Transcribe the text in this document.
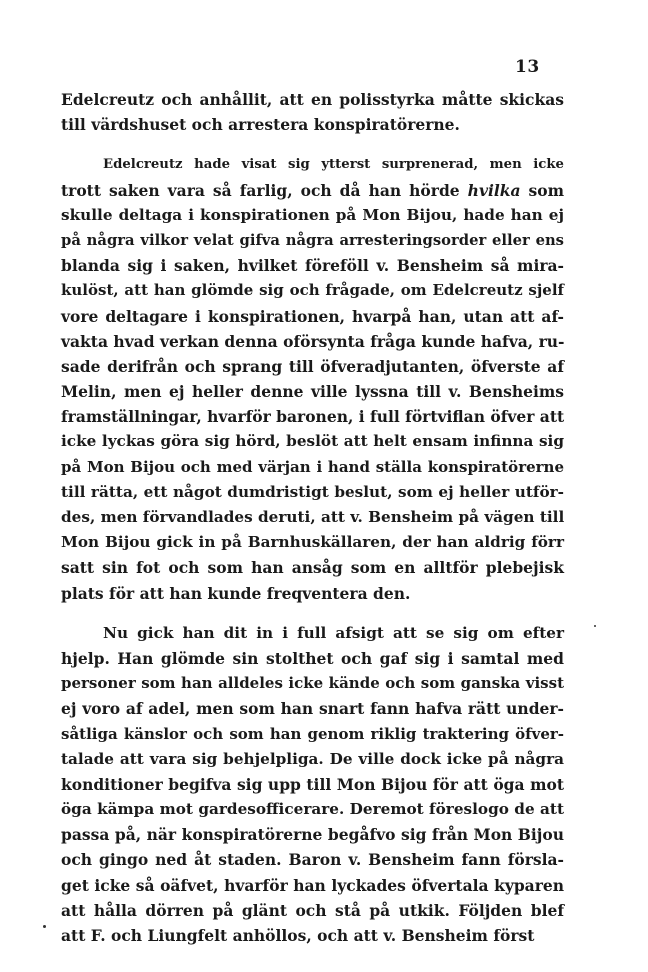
13
Edelcreutz och anhållit, att en polisstyrka måtte skickas
till värdshuset och arrestera konspiratörerne.
Edelcreutz hade visat sig ytterst surprenerad, men icke
trott saken vara så farlig, och då han hörde hvilka som
skulle deltaga i konspirationen på Mon Bijou, hade han ej
på några vilkor velat gifva några arresteringsorder eller ens
blanda sig i saken, hvilket föreföll v. Bensheim så mira-
kulöst, att han glömde sig och frågade, om Edelcreutz sjelf
vore deltagare i konspirationen, hvarpå han, utan att af-
vakta hvad verkan denna oförsynta fråga kunde hafva, ru-
sade derifrån och sprang till öfveradjutanten, öfverste af
Melin, men ej heller denne ville lyssna till v. Bensheims
framställningar, hvarför baronen, i full förtviflan öfver att
icke lyckas göra sig hörd, beslöt att helt ensam infinna sig
på Mon Bijou och med värjan i hand ställa konspiratörerne
till rätta, ett något dumdristigt beslut, som ej heller utför-
des, men förvandlades deruti, att v. Bensheim på vägen till
Mon Bijou gick in på Barnhuskällaren, der han aldrig förr
satt sin fot och som han ansåg som en alltför plebejisk
plats för att han kunde freqventera den.
Nu gick han dit in i full afsigt att se sig om efter
hjelp. Han glömde sin stolthet och gaf sig i samtal med
personer som han alldeles icke kände och som ganska visst
ej voro af adel, men som han snart fann hafva rätt under-
såtliga känslor och som han genom riklig traktering öfver-
talade att vara sig behjelpliga. De ville dock icke på några
konditioner begifva sig upp till Mon Bijou för att öga mot
öga kämpa mot gardesofficerare. Deremot föreslogo de att
passa på, när konspiratörerne begåfvo sig från Mon Bijou
och gingo ned åt staden. Baron v. Bensheim fann förslа-
get icke så oäfvet, hvarför han lyckades öfvertala kyparen
att hålla dörren på glänt och stå på utkik. Följden blef
att F. och Liungfelt anhöllos, och att v. Bensheim först
